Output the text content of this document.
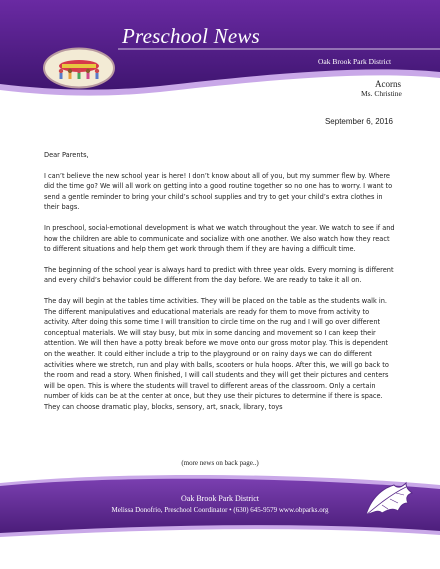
Preschool News
Oak Brook Park District
Acorns
Ms. Christine
September 6, 2016

Dear Parents,

I can’t believe the new school year is here! I don’t know about all of you, but my summer flew by. Where did the time go? We will all work on getting into a good routine together so no one has to worry. I want to send a gentle reminder to bring your child’s school supplies and try to get your child’s extra clothes in their bags.

In preschool, social-emotional development is what we watch throughout the year. We watch to see if and how the children are able to communicate and socialize with one another. We also watch how they react to different situations and help them get work through them if they are having a difficult time.

The beginning of the school year is always hard to predict with three year olds. Every morning is different and every child’s behavior could be different from the day before. We are ready to take it all on.

The day will begin at the tables time activities. They will be placed on the table as the students walk in. The different manipulatives and educational materials are ready for them to move from activity to activity. After doing this some time I will transition to circle time on the rug and I will go over different conceptual materials. We will stay busy, but mix in some dancing and movement so I can keep their attention. We will then have a potty break before we move onto our gross motor play. This is dependent on the weather. It could either include a trip to the playground or on rainy days we can do different activities where we stretch, run and play with balls, scooters or hula hoops. After this, we will go back to the room and read a story. When finished, I will call students and they will get their pictures and centers will be open. This is where the students will travel to different areas of the classroom. Only a certain number of kids can be at the center at once, but they use their pictures to determine if there is space. They can choose dramatic play, blocks, sensory, art, snack, library, toys

(more news on back page..)
Oak Brook Park District
Melissa Donofrio, Preschool Coordinator • (630) 645-9579 www.obparks.org
